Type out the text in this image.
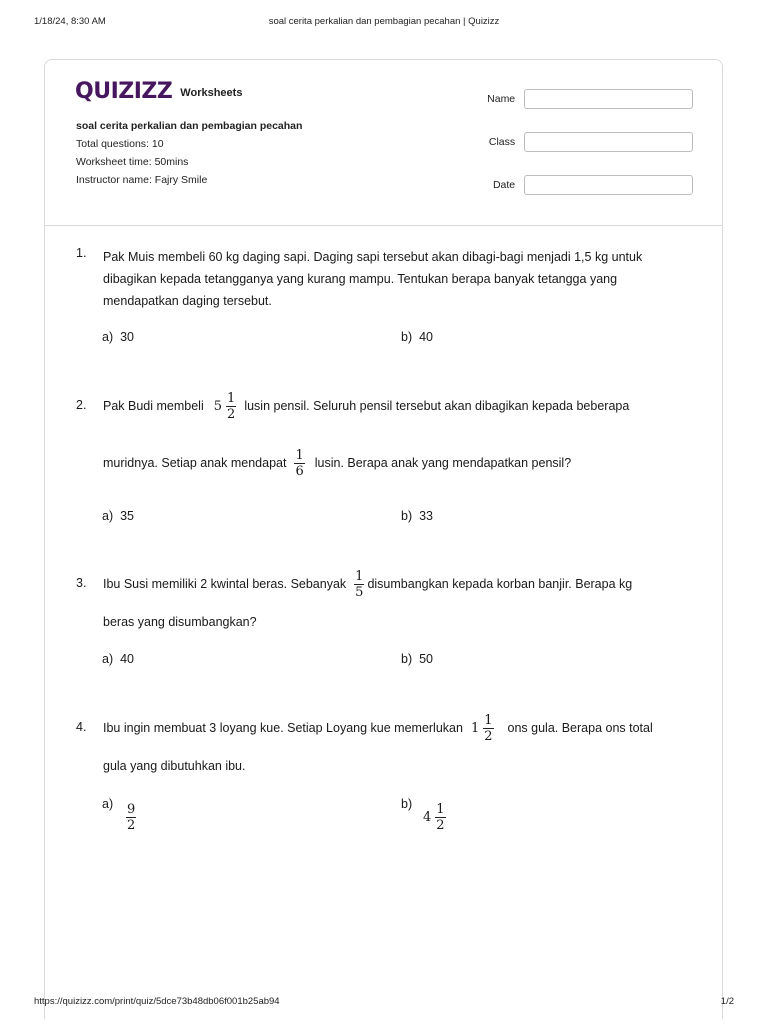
1/18/24, 8:30 AM	soal cerita perkalian dan pembagian pecahan | Quizizz
QUIZIZZ Worksheets
soal cerita perkalian dan pembagian pecahan
Total questions: 10
Worksheet time: 50mins
Instructor name: Fajry Smile
Name
Class
Date
1. Pak Muis membeli 60 kg daging sapi. Daging sapi tersebut akan dibagi-bagi menjadi 1,5 kg untuk dibagikan kepada tetangganya yang kurang mampu. Tentukan berapa banyak tetangga yang mendapatkan daging tersebut.
a) 30	b) 40
2. Pak Budi membeli $5 \frac{1}{2}$ lusin pensil. Seluruh pensil tersebut akan dibagikan kepada beberapa
muridnya. Setiap anak mendapat $\frac{1}{6} lusin$. Berapa anak yang mendapatkan pensil?
a) 35	b) 33
3. Ibu Susi memiliki 2 kwintal beras. Sebanyak $\frac{1}{5}$ disumbangkan kepada korban banjir. Berapa kg
beras yang disumbangkan?
a) 40	b) 50
4. Ibu ingin membuat 3 loyang kue. Setiap Loyang kue memerlukan $1 \frac{1}{2}$ ons gula. Berapa ons total
gula yang dibutuhkan ibu.
a) 9
2
b)
$4 \frac{1}{2}$
https://quizizz.com/print/quiz/5dce73b48db06f001b25ab94	1/2
